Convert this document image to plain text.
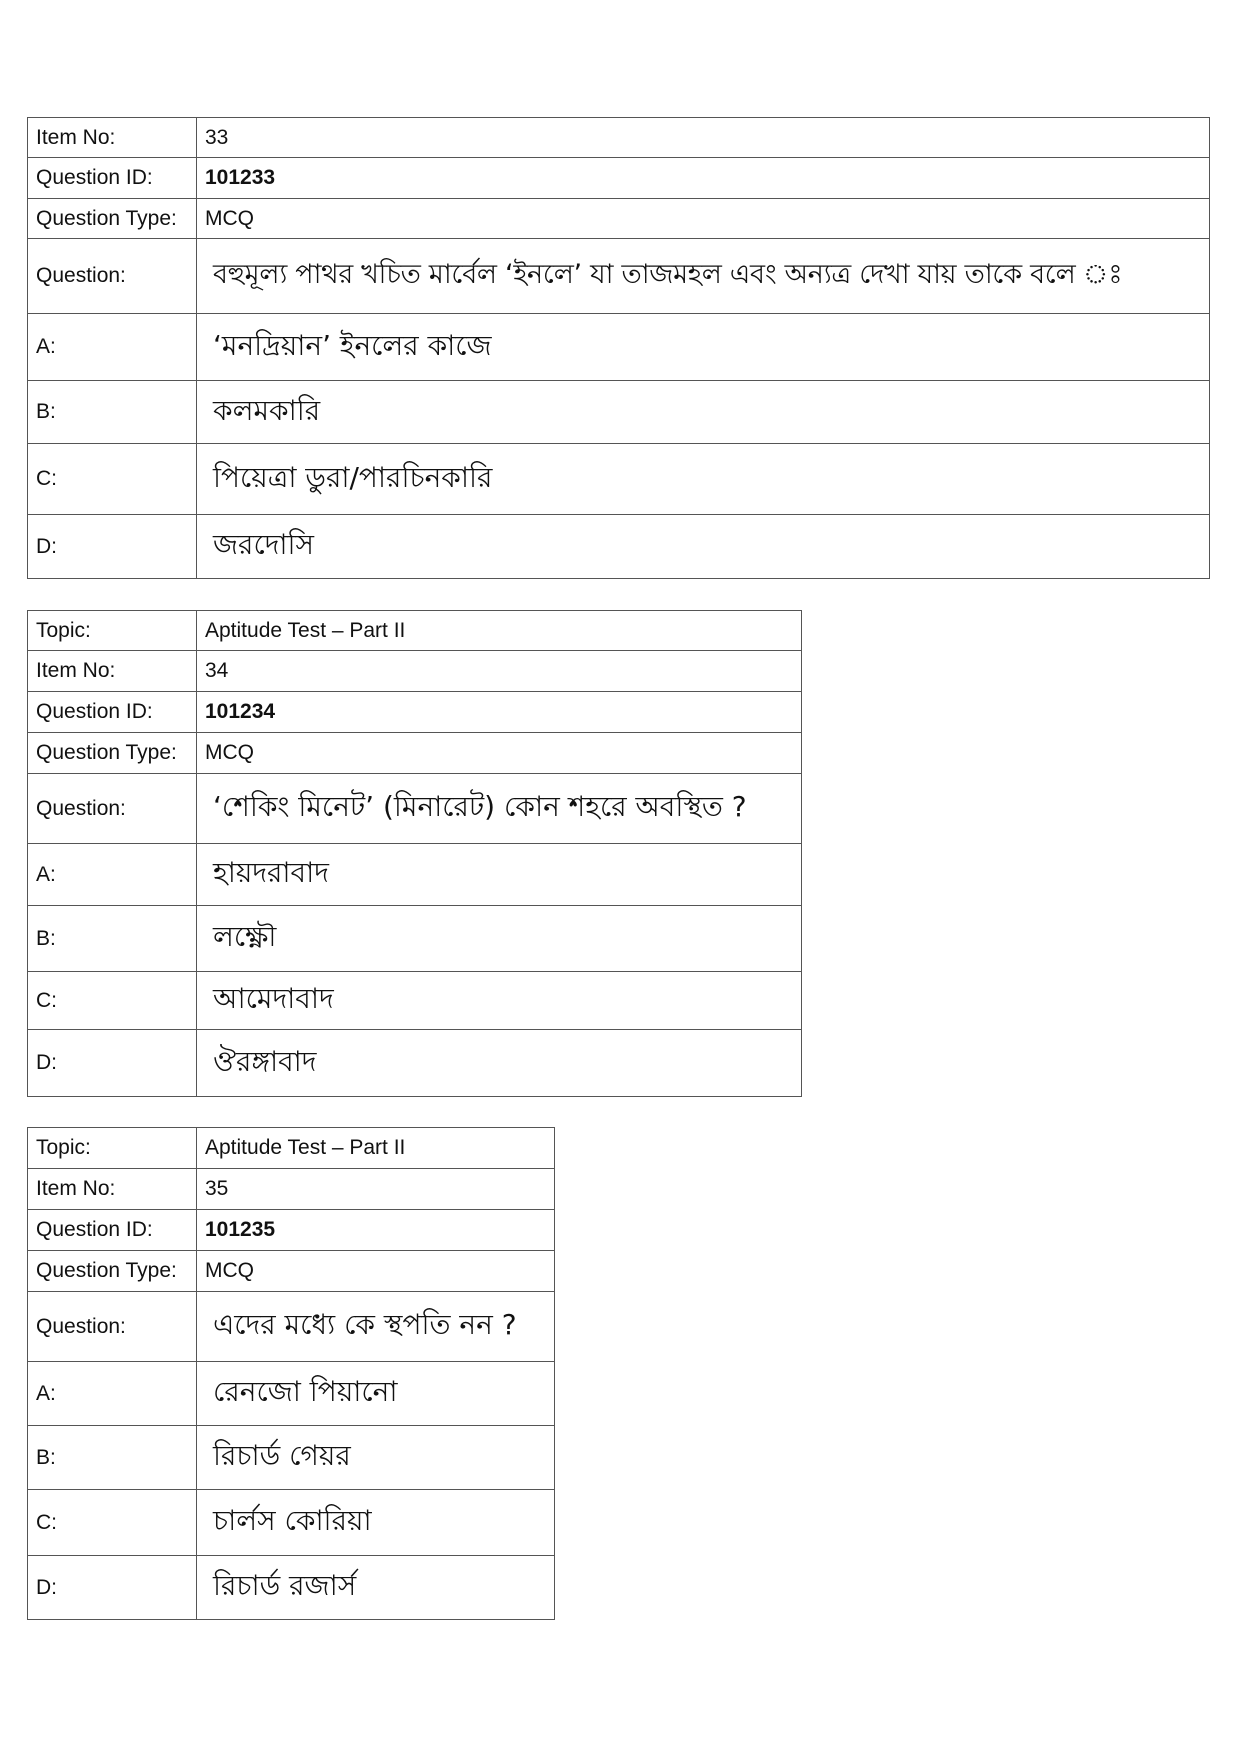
Item No:	33
Question ID:	101233
Question Type:	MCQ
Question:	বহুমূল্য পাথর খচিত মার্বেল ‘ইনলে’ যা তাজমহল এবং অন্যত্র দেখা যায় তাকে বলে ঃ
A:	‘মনদ্রিয়ান’ ইনলের কাজে
B:	কলমকারি
C:	পিয়েত্রা ডুরা/পারচিনকারি
D:	জরদোসি
Topic:	Aptitude Test – Part II
Item No:	34
Question ID:	101234
Question Type:	MCQ
Question:	‘শেকিং মিনেট’ (মিনারেট) কোন শহরে অবস্থিত ?
A:	হায়দরাবাদ
B:	লক্ষ্ণৌ
C:	আমেদাবাদ
D:	ঔরঙ্গাবাদ
Topic:	Aptitude Test – Part II
Item No:	35
Question ID:	101235
Question Type:	MCQ
Question:	এদের মধ্যে কে স্থপতি নন ?
A:	রেনজো পিয়ানো
B:	রিচার্ড গেয়র
C:	চার্লস কোরিয়া
D:	রিচার্ড রজার্স
